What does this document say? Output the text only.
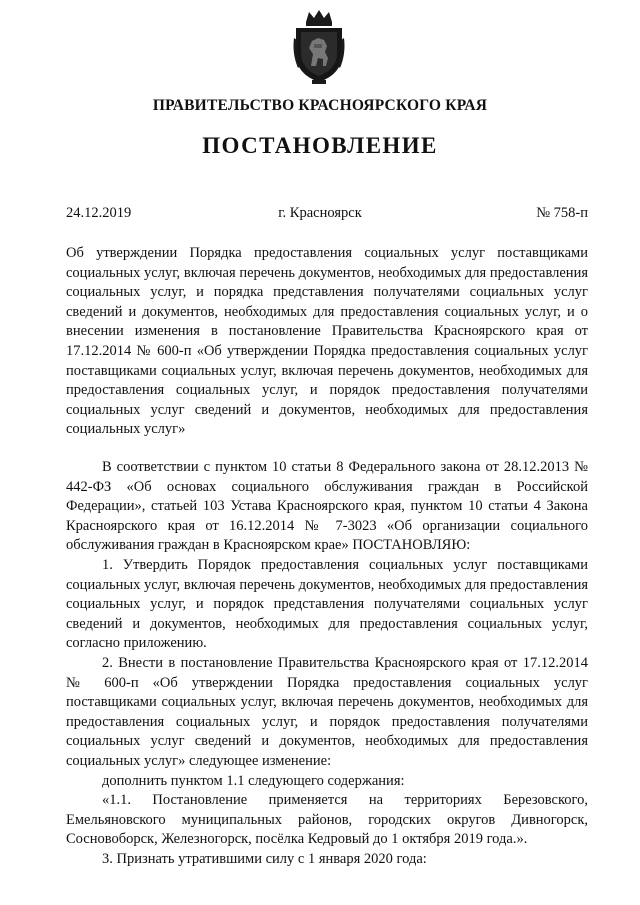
ПРАВИТЕЛЬСТВО КРАСНОЯРСКОГО КРАЯ
ПОСТАНОВЛЕНИЕ
24.12.2019	г. Красноярск	№ 758-п
Об утверждении Порядка предоставления социальных услуг поставщиками социальных услуг, включая перечень документов, необходимых для предоставления социальных услуг, и порядка представления получателями социальных услуг сведений и документов, необходимых для предоставления социальных услуг, и о внесении изменения в постановление Правительства Красноярского края от 17.12.2014 № 600-п «Об утверждении Порядка предоставления социальных услуг поставщиками социальных услуг, включая перечень документов, необходимых для предоставления социальных услуг, и порядок предоставления получателями социальных услуг сведений и документов, необходимых для предоставления социальных услуг»

В соответствии с пунктом 10 статьи 8 Федерального закона от 28.12.2013 № 442-ФЗ «Об основах социального обслуживания граждан в Российской Федерации», статьей 103 Устава Красноярского края, пунктом 10 статьи 4 Закона Красноярского края от 16.12.2014 № 7-3023 «Об организации социального обслуживания граждан в Красноярском крае» ПОСТАНОВЛЯЮ:

1. Утвердить Порядок предоставления социальных услуг поставщиками социальных услуг, включая перечень документов, необходимых для предоставления социальных услуг, и порядок представления получателями социальных услуг сведений и документов, необходимых для предоставления социальных услуг, согласно приложению.

2. Внести в постановление Правительства Красноярского края от 17.12.2014 № 600-п «Об утверждении Порядка предоставления социальных услуг поставщиками социальных услуг, включая перечень документов, необходимых для предоставления социальных услуг, и порядок предоставления получателями социальных услуг сведений и документов, необходимых для предоставления социальных услуг» следующее изменение:

дополнить пунктом 1.1 следующего содержания:

«1.1. Постановление применяется на территориях Березовского, Емельяновского муниципальных районов, городских округов Дивногорск, Сосновоборск, Железногорск, посёлка Кедровый до 1 октября 2019 года.».

3. Признать утратившими силу с 1 января 2020 года:
